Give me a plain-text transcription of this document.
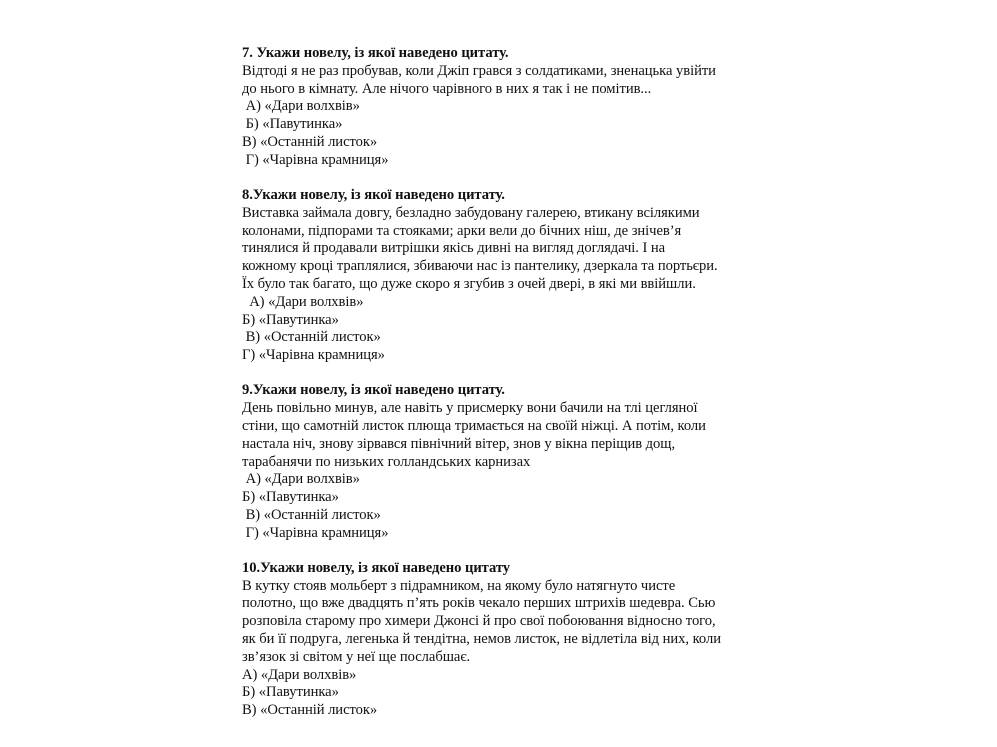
7. Укажи новелу, із якої наведено цитату.
Відтоді я не раз пробував, коли Джіп грався з солдатиками, зненацька увійти
до нього в кімнату. Але нічого чарівного в них я так і не помітив...
А) «Дари волхвів»
Б) «Павутинка»
В) «Останній листок»
Г) «Чарівна крамниця»
8.Укажи новелу, із якої наведено цитату.
Виставка займала довгу, безладно забудовану галерею, втикану всілякими
колонами, підпорами та стояками; арки вели до бічних ніш, де знічев’я
тинялися й продавали витрішки якісь дивні на вигляд доглядачі. І на
кожному кроці траплялися, збиваючи нас із пантелику, дзеркала та портьєри.
Їх було так багато, що дуже скоро я згубив з очей двері, в які ми ввійшли.
А) «Дари волхвів»
Б) «Павутинка»
В) «Останній листок»
Г) «Чарівна крамниця»
9.Укажи новелу, із якої наведено цитату.
День повільно минув, але навіть у присмерку вони бачили на тлі цегляної
стіни, що самотній листок плюща тримається на своїй ніжці. А потім, коли
настала ніч, знову зірвався північний вітер, знов у вікна періщив дощ,
тарабанячи по низьких голландських карнизах
А) «Дари волхвів»
Б) «Павутинка»
В) «Останній листок»
Г) «Чарівна крамниця»
10.Укажи новелу, із якої наведено цитату
В кутку стояв мольберт з підрамником, на якому було натягнуто чисте
полотно, що вже двадцять п’ять років чекало перших штрихів шедевра. Сью
розповіла старому про химери Джонсі й про свої побоювання відносно того,
як би її подруга, легенька й тендітна, немов листок, не відлетіла від них, коли
зв’язок зі світом у неї ще послабшає.
А) «Дари волхвів»
Б) «Павутинка»
В) «Останній листок»
